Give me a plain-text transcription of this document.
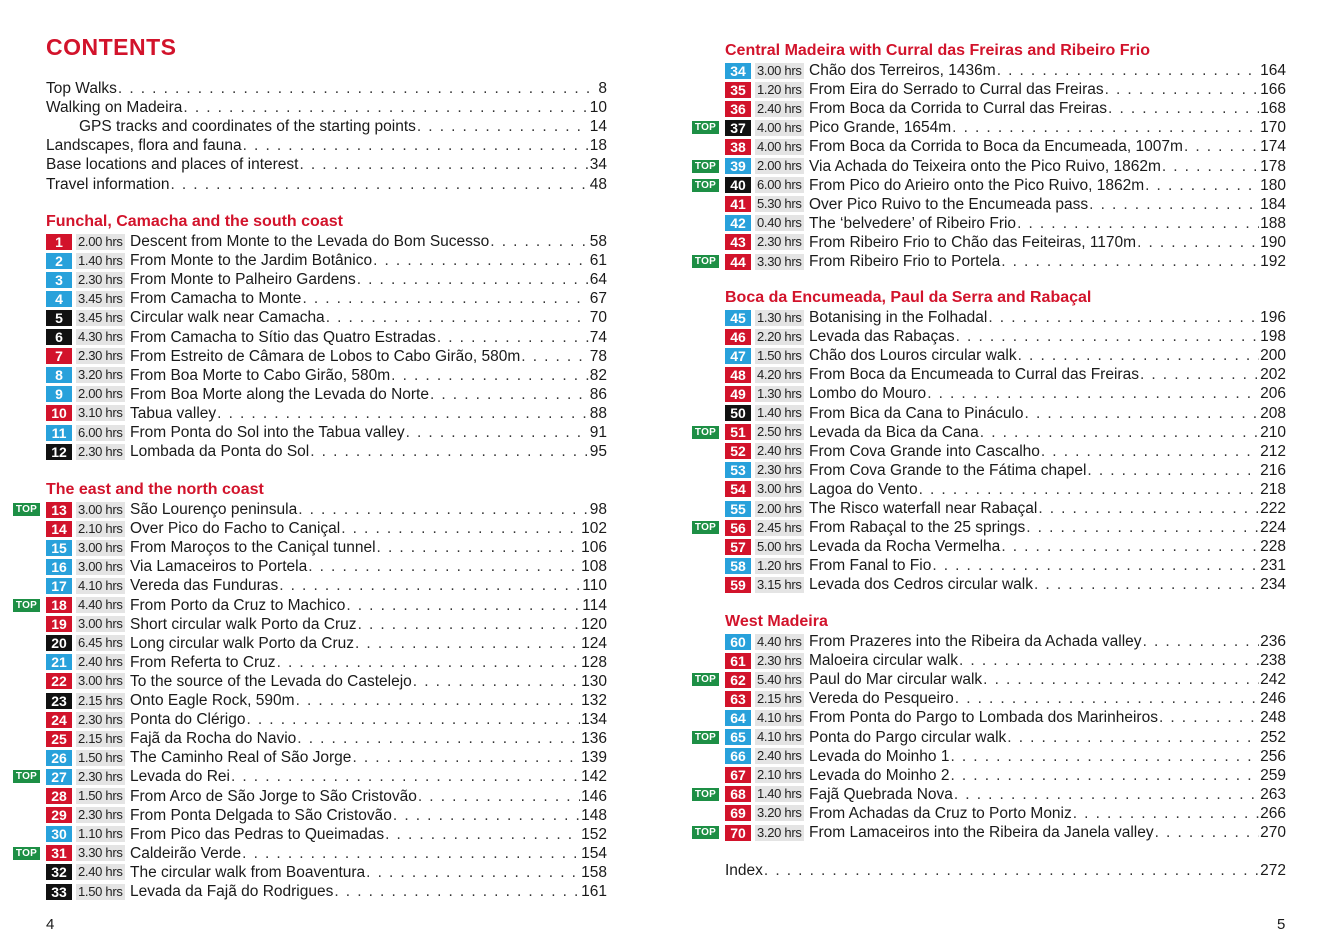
CONTENTS
Top Walks . . .	8
Walking on Madeira . . .	10
GPS tracks and coordinates of the starting points . . .	14
Landscapes, flora and fauna . . .	18
Base locations and places of interest . . .	34
Travel information . . .	48
Funchal, Camacha and the south coast
1	2.00 hrs Descent from Monte to the Levada do Bom Sucesso . . .	58
2	1.40 hrs From Monte to the Jardim Botânico . . .	61
3	2.30 hrs From Monte to Palheiro Gardens . . .	64
4	3.45 hrs From Camacha to Monte . . .	67
5	3.45 hrs Circular walk near Camacha . . .	70
6	4.30 hrs From Camacha to Sítio das Quatro Estradas . . .	74
7	2.30 hrs From Estreito de Câmara de Lobos to Cabo Girão, 580m . . .	78
8	3.20 hrs From Boa Morte to Cabo Girão, 580m . . .	82
9	2.00 hrs From Boa Morte along the Levada do Norte . . .	86
10 3.10 hrs Tabua valley . . .	88
11 6.00 hrs From Ponta do Sol into the Tabua valley . . .	91
12 2.30 hrs Lombada da Ponta do Sol . . .	95
The east and the north coast
TOP	13 3.00 hrs São Lourenço peninsula . . .	98
14 2.10 hrs Over Pico do Facho to Caniçal . . .	102
15 3.00 hrs From Maroços to the Caniçal tunnel . . .	106
16 3.00 hrs Via Lamaceiros to Portela . . .	108
17 4.10 hrs Vereda das Funduras . . .	110
TOP	18 4.40 hrs From Porto da Cruz to Machico . . .	114
19 3.00 hrs Short circular walk Porto da Cruz . . .	120
20 6.45 hrs Long circular walk Porto da Cruz . . .	124
21 2.40 hrs From Referta to Cruz . . .	128
22 3.00 hrs To the source of the Levada do Castelejo . . .	130
23 2.15 hrs Onto Eagle Rock, 590m . . .	132
24 2.30 hrs Ponta do Clérigo . . .	134
25 2.15 hrs Fajã da Rocha do Navio . . .	136
26 1.50 hrs The Caminho Real of São Jorge . . .	139
TOP	27 2.30 hrs Levada do Rei . . .	142
28 1.50 hrs From Arco de São Jorge to São Cristovão . . .	146
29 2.30 hrs From Ponta Delgada to São Cristovão . . .	148
30 1.10 hrs From Pico das Pedras to Queimadas . . .	152
TOP	31 3.30 hrs Caldeirão Verde . . .	154
32 2.40 hrs The circular walk from Boaventura . . .	158
33 1.50 hrs Levada da Fajã do Rodrigues . . .	161

4

Central Madeira with Curral das Freiras and Ribeiro Frio
34 3.00 hrs Chão dos Terreiros, 1436m . . .	164
35 1.20 hrs From Eira do Serrado to Curral das Freiras . . .	166
36 2.40 hrs From Boca da Corrida to Curral das Freiras . . .	168
TOP	37 4.00 hrs Pico Grande, 1654m . . .	170
38 4.00 hrs From Boca da Corrida to Boca da Encumeada, 1007m . . .	174
TOP	39 2.00 hrs Via Achada do Teixeira onto the Pico Ruivo, 1862m . . .	178
TOP	40 6.00 hrs From Pico do Arieiro onto the Pico Ruivo, 1862m . . .	180
41 5.30 hrs Over Pico Ruivo to the Encumeada pass . . .	184
42 0.40 hrs The ‘belvedere’ of Ribeiro Frio . . .	188
43 2.30 hrs From Ribeiro Frio to Chão das Feiteiras, 1170m . . .	190
TOP	44 3.30 hrs From Ribeiro Frio to Portela . . .	192
Boca da Encumeada, Paul da Serra and Rabaçal
45 1.30 hrs Botanising in the Folhadal . . .	196
46 2.20 hrs Levada das Rabaças . . .	198
47 1.50 hrs Chão dos Louros circular walk . . .	200
48 4.20 hrs From Boca da Encumeada to Curral das Freiras . . .	202
49 1.30 hrs Lombo do Mouro . . .	206
50 1.40 hrs From Bica da Cana to Pináculo . . .	208
TOP	51 2.50 hrs Levada da Bica da Cana . . .	210
52 2.40 hrs From Cova Grande into Cascalho . . .	212
53 2.30 hrs From Cova Grande to the Fátima chapel . . .	216
54 3.00 hrs Lagoa do Vento . . .	218
55 2.00 hrs The Risco waterfall near Rabaçal . . .	222
TOP	56 2.45 hrs From Rabaçal to the 25 springs . . .	224
57 5.00 hrs Levada da Rocha Vermelha . . .	228
58 1.20 hrs From Fanal to Fio . . .	231
59 3.15 hrs Levada dos Cedros circular walk . . .	234
West Madeira
60 4.40 hrs From Prazeres into the Ribeira da Achada valley . . .	236
61 2.30 hrs Maloeira circular walk . . .	238
TOP	62 5.40 hrs Paul do Mar circular walk . . .	242
63 2.15 hrs Vereda do Pesqueiro . . .	246
64 4.10 hrs From Ponta do Pargo to Lombada dos Marinheiros . . .	248
TOP	65 4.10 hrs Ponta do Pargo circular walk . . .	252
66 2.40 hrs Levada do Moinho 1 . . .	256
67 2.10 hrs Levada do Moinho 2 . . .	259
TOP	68 1.40 hrs Fajã Quebrada Nova . . .	263
69 3.20 hrs From Achadas da Cruz to Porto Moniz . . .	266
TOP	70 3.20 hrs From Lamaceiros into the Ribeira da Janela valley . . .	270
Index . . .	272

5
